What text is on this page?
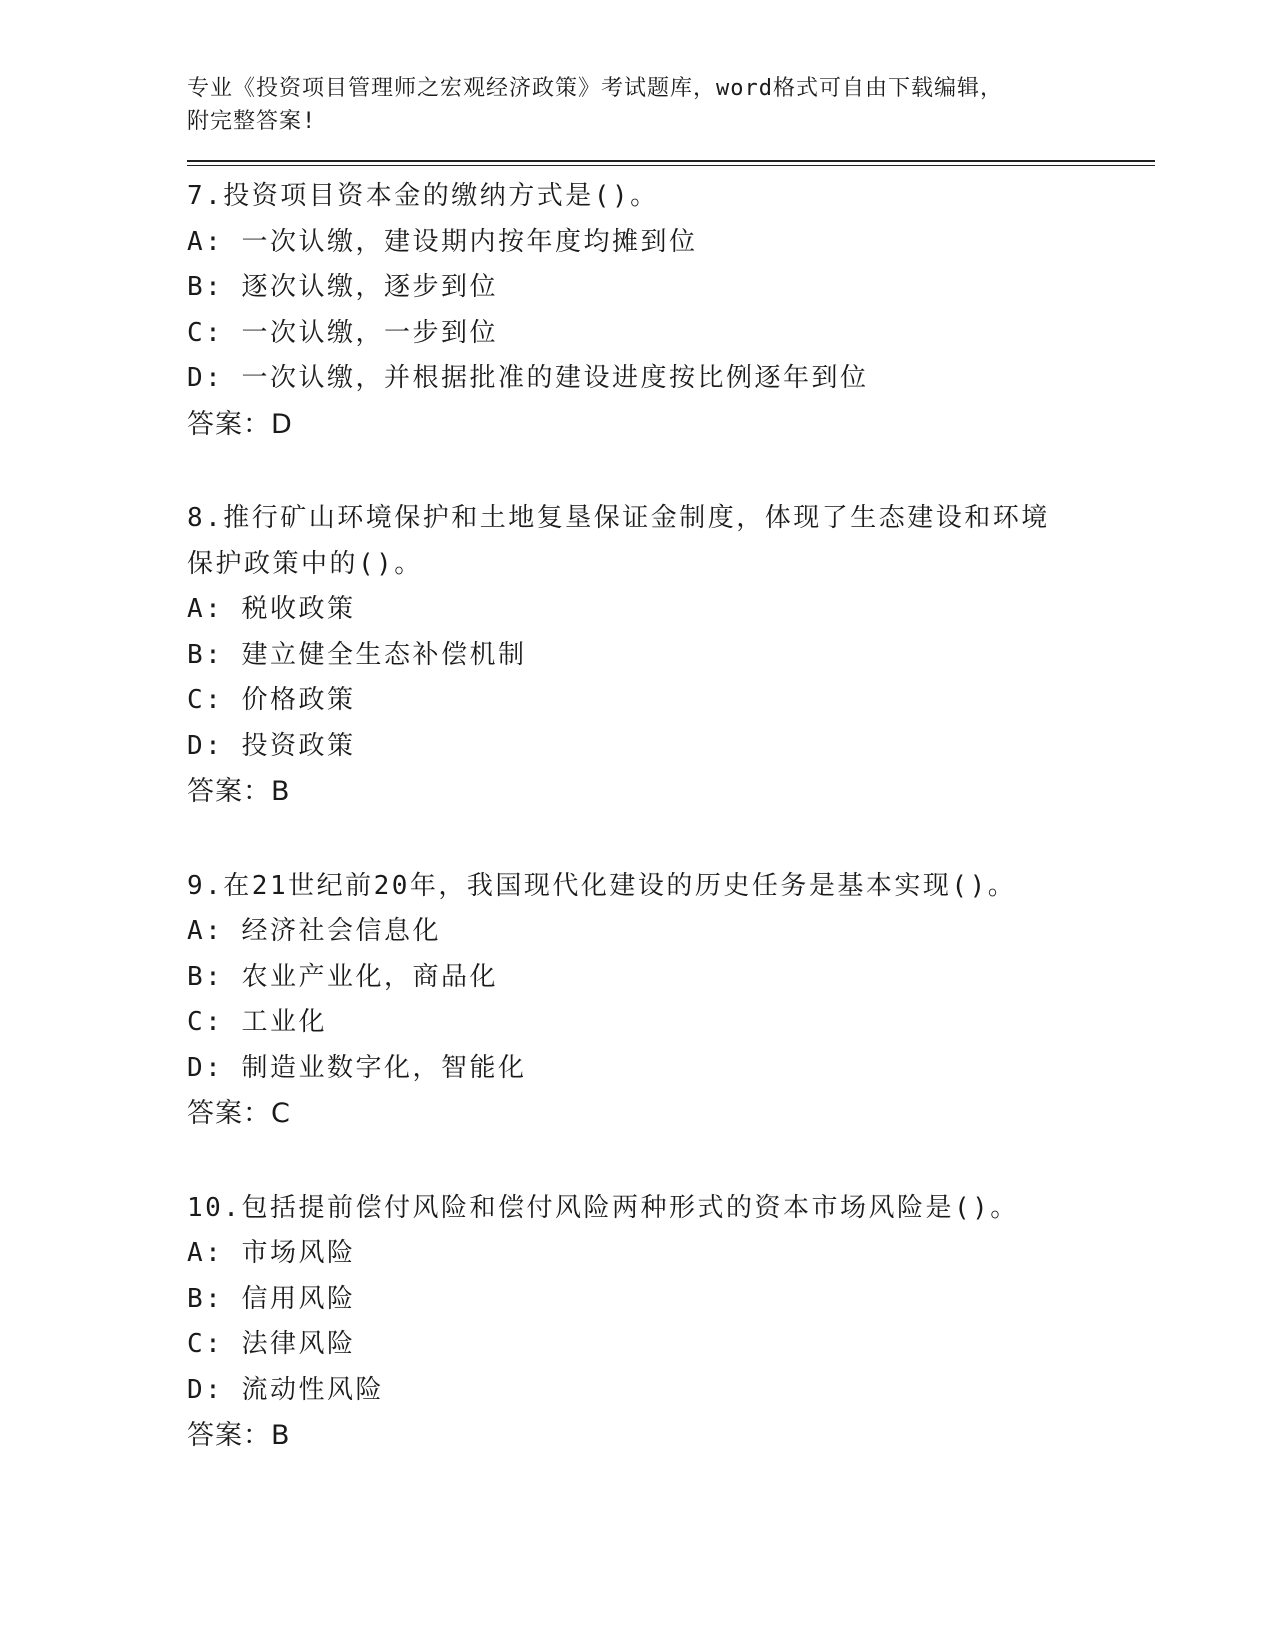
专业《投资项目管理师之宏观经济政策》考试题库，word格式可自由下载编辑，
附完整答案!
7.投资项目资本金的缴纳方式是()。
A: 一次认缴，建设期内按年度均摊到位
B: 逐次认缴，逐步到位
C: 一次认缴，一步到位
D: 一次认缴，并根据批准的建设进度按比例逐年到位
答案：D
8.推行矿山环境保护和土地复垦保证金制度，体现了生态建设和环境
保护政策中的()。
A: 税收政策
B: 建立健全生态补偿机制
C: 价格政策
D: 投资政策
答案：B
9.在21世纪前20年，我国现代化建设的历史任务是基本实现()。
A: 经济社会信息化
B: 农业产业化，商品化
C: 工业化
D: 制造业数字化，智能化
答案：C
10.包括提前偿付风险和偿付风险两种形式的资本市场风险是()。
A: 市场风险
B: 信用风险
C: 法律风险
D: 流动性风险
答案：B
